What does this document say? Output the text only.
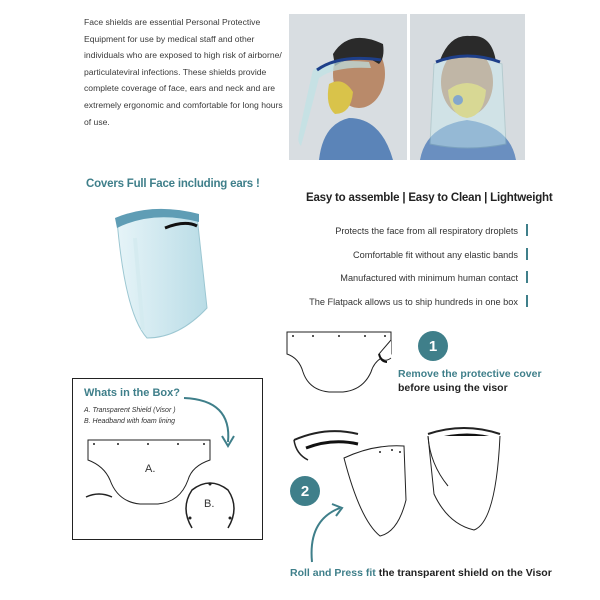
Face shields are essential Personal Protective Equipment for use by medical staff and other individuals who are exposed to high risk of airborne/ particulateviral infections. These shields provide complete coverage of face, ears and neck and are extremely ergonomic and comfortable for long hours of use.
Covers Full Face including ears !
Easy to assemble | Easy to Clean | Lightweight
Protects the face from all respiratory droplets
Comfortable fit without any elastic bands
Manufactured with minimum human contact
The Flatpack allows us to ship hundreds in one box
1
Remove the protective cover
before using the visor
Whats in the Box?
A. Transparent Shield (Visor )
B. Headband with foam lining
A.
B.
2
Roll and Press fit the transparent shield on the Visor
